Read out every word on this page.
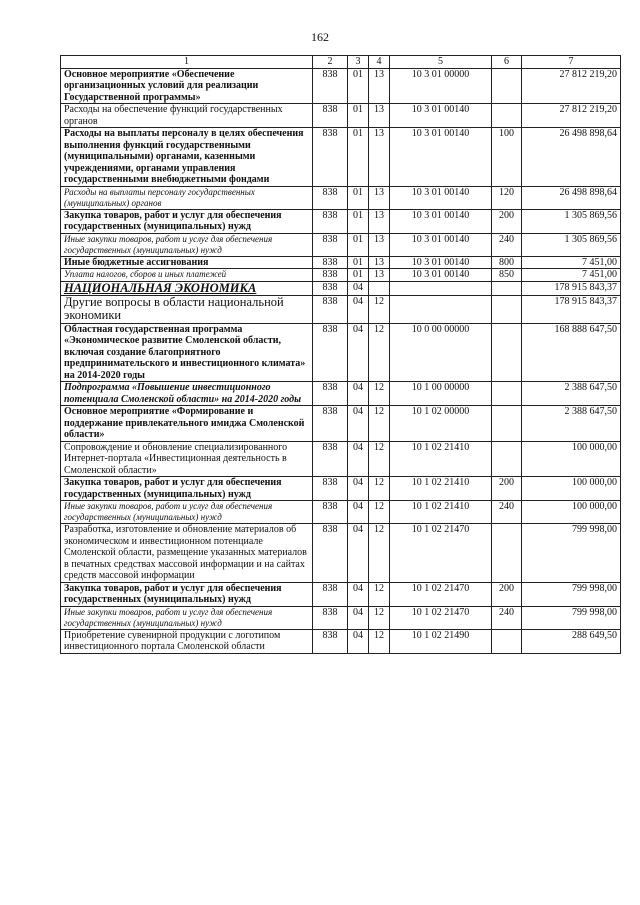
162
1	2	3	4	5	6	7
Основное мероприятие «Обеспечение организационных условий для реализации Государственной программы»	838	01	13	10 3 01 00000		27 812 219,20
Расходы на обеспечение функций государственных органов	838	01	13	10 3 01 00140		27 812 219,20
Расходы на выплаты персоналу в целях обеспечения выполнения функций государственными (муниципальными) органами, казенными учреждениями, органами управления государственными внебюджетными фондами	838	01	13	10 3 01 00140	100	26 498 898,64
Расходы на выплаты персоналу государственных (муниципальных) органов	838	01	13	10 3 01 00140	120	26 498 898,64
Закупка товаров, работ и услуг для обеспечения государственных (муниципальных) нужд	838	01	13	10 3 01 00140	200	1 305 869,56
Иные закупки товаров, работ и услуг для обеспечения государственных (муниципальных) нужд	838	01	13	10 3 01 00140	240	1 305 869,56
Иные бюджетные ассигнования	838	01	13	10 3 01 00140	800	7 451,00
Уплата налогов, сборов и иных платежей	838	01	13	10 3 01 00140	850	7 451,00
НАЦИОНАЛЬНАЯ ЭКОНОМИКА	838	04				178 915 843,37
Другие вопросы в области национальной экономики	838	04	12			178 915 843,37
Областная государственная программа «Экономическое развитие Смоленской области, включая создание благоприятного предпринимательского и инвестиционного климата» на 2014-2020 годы	838	04	12	10 0 00 00000		168 888 647,50
Подпрограмма «Повышение инвестиционного потенциала Смоленской области» на 2014-2020 годы	838	04	12	10 1 00 00000		2 388 647,50
Основное мероприятие «Формирование и поддержание привлекательного имиджа Смоленской области»	838	04	12	10 1 02 00000		2 388 647,50
Сопровождение и обновление специализированного Интернет-портала «Инвестиционная деятельность в Смоленской области»	838	04	12	10 1 02 21410		100 000,00
Закупка товаров, работ и услуг для обеспечения государственных (муниципальных) нужд	838	04	12	10 1 02 21410	200	100 000,00
Иные закупки товаров, работ и услуг для обеспечения государственных (муниципальных) нужд	838	04	12	10 1 02 21410	240	100 000,00
Разработка, изготовление и обновление материалов об экономическом и инвестиционном потенциале Смоленской области, размещение указанных материалов в печатных средствах массовой информации и на сайтах средств массовой информации	838	04	12	10 1 02 21470		799 998,00
Закупка товаров, работ и услуг для обеспечения государственных (муниципальных) нужд	838	04	12	10 1 02 21470	200	799 998,00
Иные закупки товаров, работ и услуг для обеспечения государственных (муниципальных) нужд	838	04	12	10 1 02 21470	240	799 998,00
Приобретение сувенирной продукции с логотипом инвестиционного портала Смоленской области	838	04	12	10 1 02 21490		288 649,50
